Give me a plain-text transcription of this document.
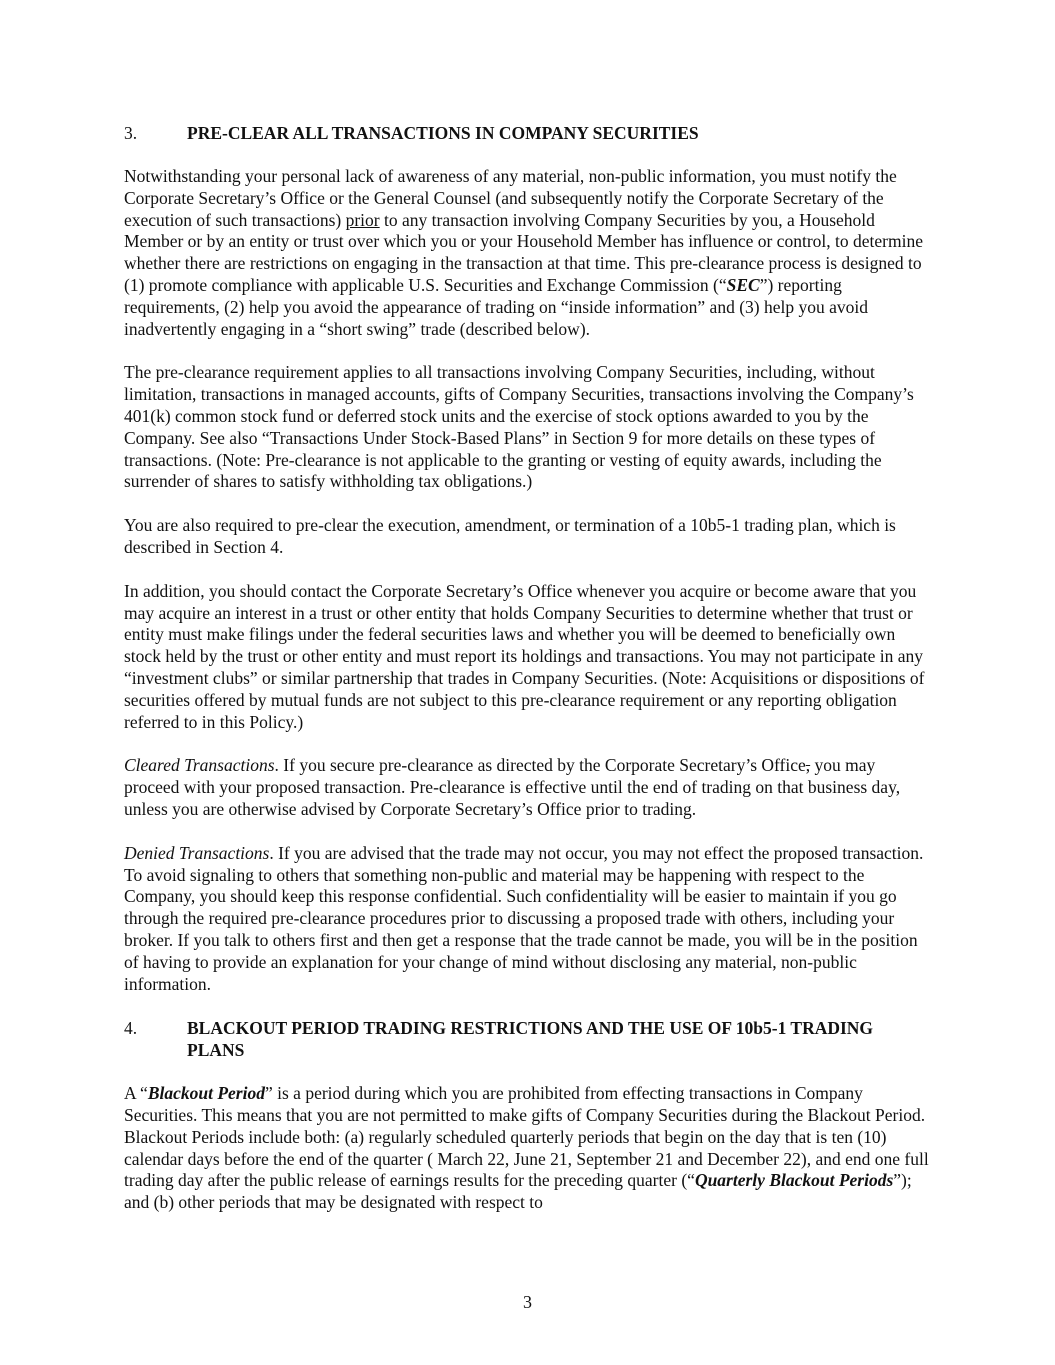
3.	PRE-CLEAR ALL TRANSACTIONS IN COMPANY SECURITIES

Notwithstanding your personal lack of awareness of any material, non-public information, you must notify the Corporate Secretary’s Office or the General Counsel (and subsequently notify the Corporate Secretary of the execution of such transactions) prior to any transaction involving Company Securities by you, a Household Member or by an entity or trust over which you or your Household Member has influence or control, to determine whether there are restrictions on engaging in the transaction at that time. This pre-clearance process is designed to (1) promote compliance with applicable U.S. Securities and Exchange Commission (“SEC”) reporting requirements, (2) help you avoid the appearance of trading on “inside information” and (3) help you avoid inadvertently engaging in a “short swing” trade (described below).

The pre-clearance requirement applies to all transactions involving Company Securities, including, without limitation, transactions in managed accounts, gifts of Company Securities, transactions involving the Company’s 401(k) common stock fund or deferred stock units and the exercise of stock options awarded to you by the Company. See also “Transactions Under Stock-Based Plans” in Section 9 for more details on these types of transactions. (Note: Pre-clearance is not applicable to the granting or vesting of equity awards, including the surrender of shares to satisfy withholding tax obligations.)

You are also required to pre-clear the execution, amendment, or termination of a 10b5-1 trading plan, which is described in Section 4.

In addition, you should contact the Corporate Secretary’s Office whenever you acquire or become aware that you may acquire an interest in a trust or other entity that holds Company Securities to determine whether that trust or entity must make filings under the federal securities laws and whether you will be deemed to beneficially own stock held by the trust or other entity and must report its holdings and transactions. You may not participate in any “investment clubs” or similar partnership that trades in Company Securities. (Note: Acquisitions or dispositions of securities offered by mutual funds are not subject to this pre-clearance requirement or any reporting obligation referred to in this Policy.)

Cleared Transactions. If you secure pre-clearance as directed by the Corporate Secretary’s Office, you may proceed with your proposed transaction. Pre-clearance is effective until the end of trading on that business day, unless you are otherwise advised by Corporate Secretary’s Office prior to trading.

Denied Transactions. If you are advised that the trade may not occur, you may not effect the proposed transaction. To avoid signaling to others that something non-public and material may be happening with respect to the Company, you should keep this response confidential. Such confidentiality will be easier to maintain if you go through the required pre-clearance procedures prior to discussing a proposed trade with others, including your broker. If you talk to others first and then get a response that the trade cannot be made, you will be in the position of having to provide an explanation for your change of mind without disclosing any material, non-public information.

4.	BLACKOUT PERIOD TRADING RESTRICTIONS AND THE USE OF 10b5-1 TRADING PLANS

A “Blackout Period” is a period during which you are prohibited from effecting transactions in Company Securities. This means that you are not permitted to make gifts of Company Securities during the Blackout Period. Blackout Periods include both: (a) regularly scheduled quarterly periods that begin on the day that is ten (10) calendar days before the end of the quarter ( March 22, June 21, September 21 and December 22), and end one full trading day after the public release of earnings results for the preceding quarter (“Quarterly Blackout Periods”); and (b) other periods that may be designated with respect to

3
